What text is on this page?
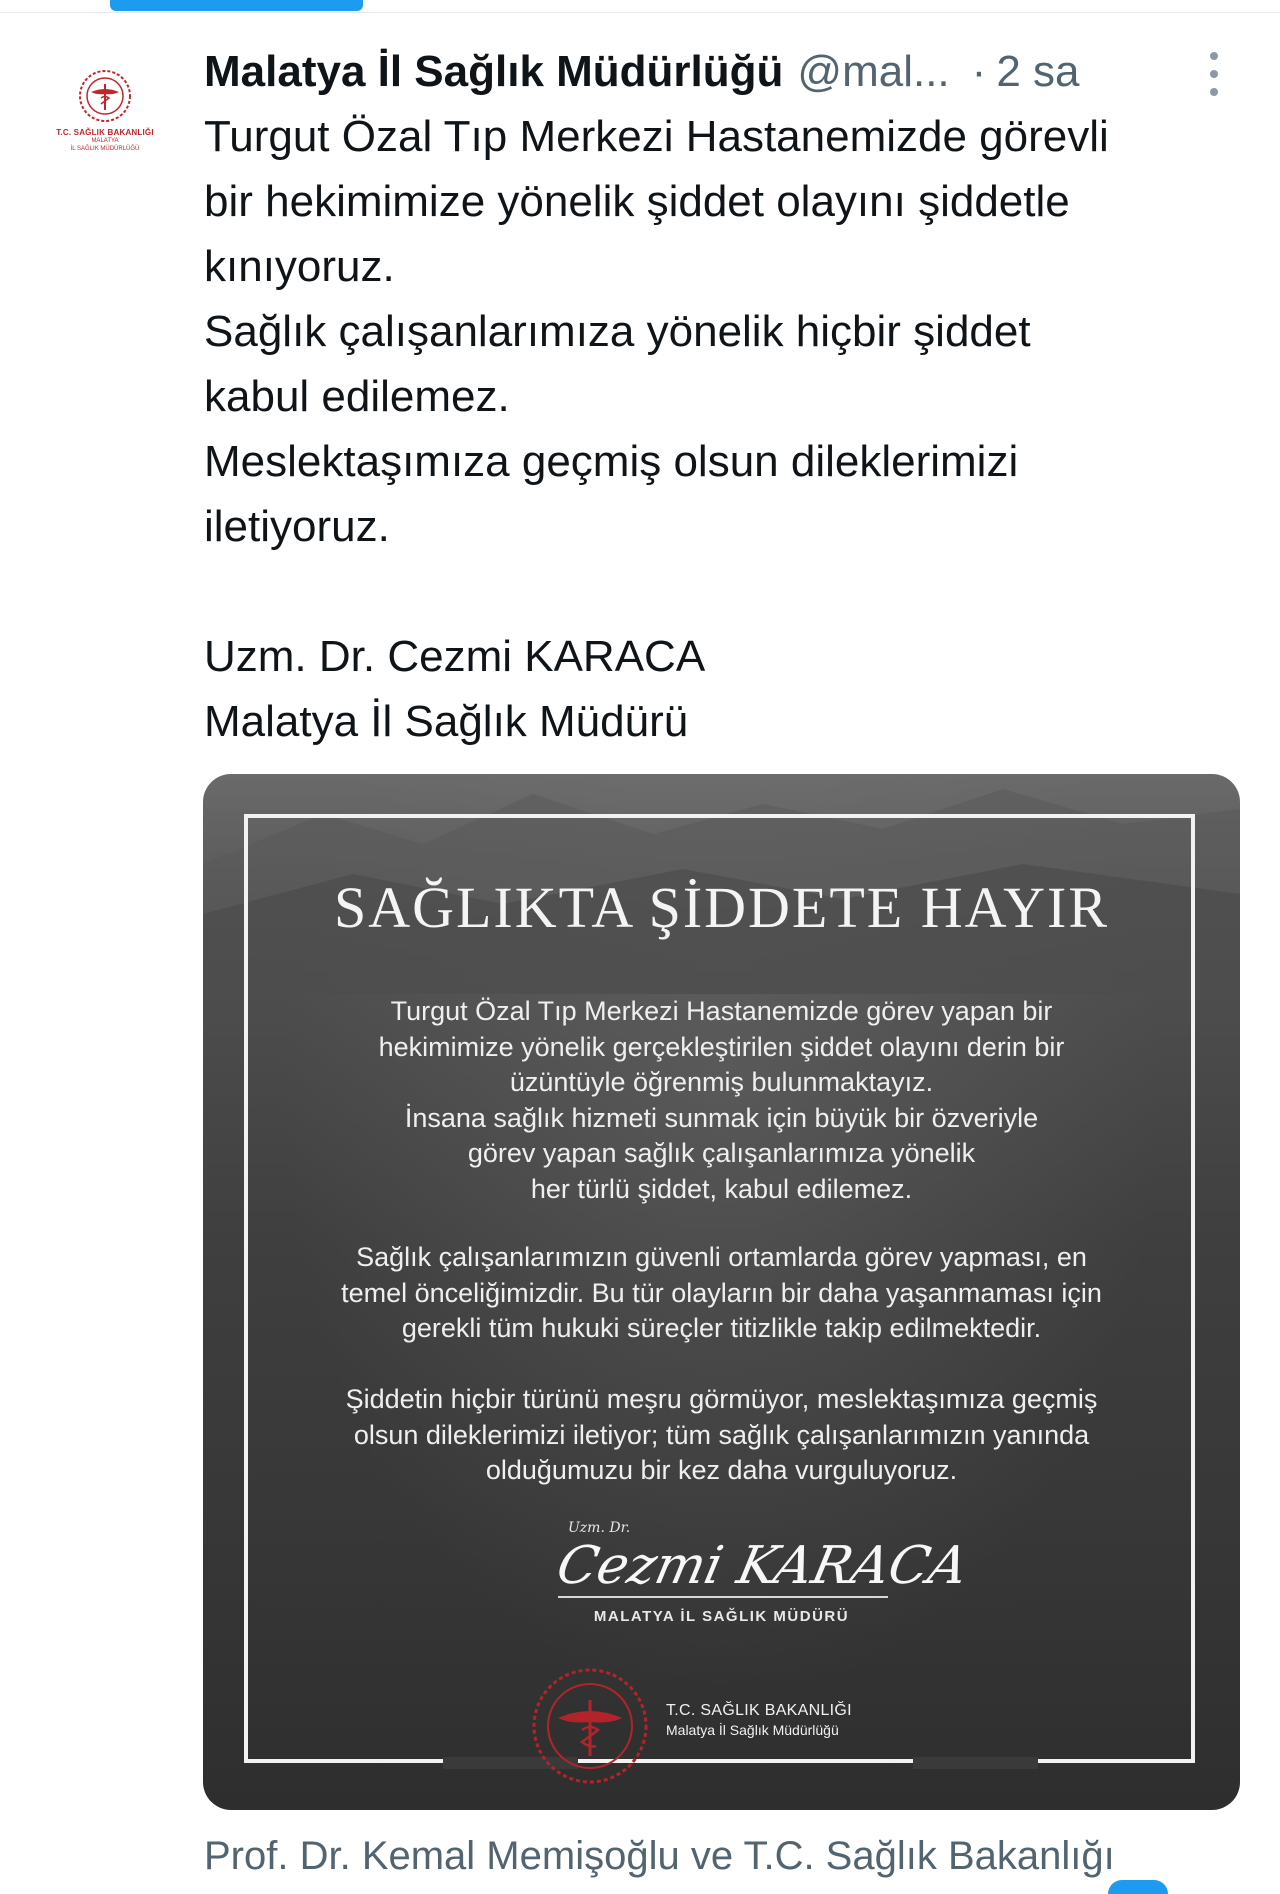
T.C. SAĞLIK BAKANLIĞI
MALATYA
İL SAĞLIK MÜDÜRLÜĞÜ
Malatya İl Sağlık Müdürlüğü @mal... · 2 sa

Turgut Özal Tıp Merkezi Hastanemizde görevli

bir hekimimize yönelik şiddet olayını şiddetle

kınıyoruz.

Sağlık çalışanlarımıza yönelik hiçbir şiddet

kabul edilemez.

Meslektaşımıza geçmiş olsun dileklerimizi

iletiyoruz.

Uzm. Dr. Cezmi KARACA

Malatya İl Sağlık Müdürü

SAĞLIKTA ŞİDDETE HAYIR
Turgut Özal Tıp Merkezi Hastanemizde görev yapan bir
hekimimize yönelik gerçekleştirilen şiddet olayını derin bir
üzüntüyle öğrenmiş bulunmaktayız.
İnsana sağlık hizmeti sunmak için büyük bir özveriyle
görev yapan sağlık çalışanlarımıza yönelik
her türlü şiddet, kabul edilemez.
Sağlık çalışanlarımızın güvenli ortamlarda görev yapması, en
temel önceliğimizdir. Bu tür olayların bir daha yaşanmaması için
gerekli tüm hukuki süreçler titizlikle takip edilmektedir.
Şiddetin hiçbir türünü meşru görmüyor, meslektaşımıza geçmiş
olsun dileklerimizi iletiyor; tüm sağlık çalışanlarımızın yanında
olduğumuzu bir kez daha vurguluyoruz.
Uzm. Dr.
Cezmi KARACA
MALATYA İL SAĞLIK MÜDÜRÜ
T.C. SAĞLIK BAKANLIĞI
Malatya İl Sağlık Müdürlüğü
Prof. Dr. Kemal Memişoğlu ve T.C. Sağlık Bakanlığı
